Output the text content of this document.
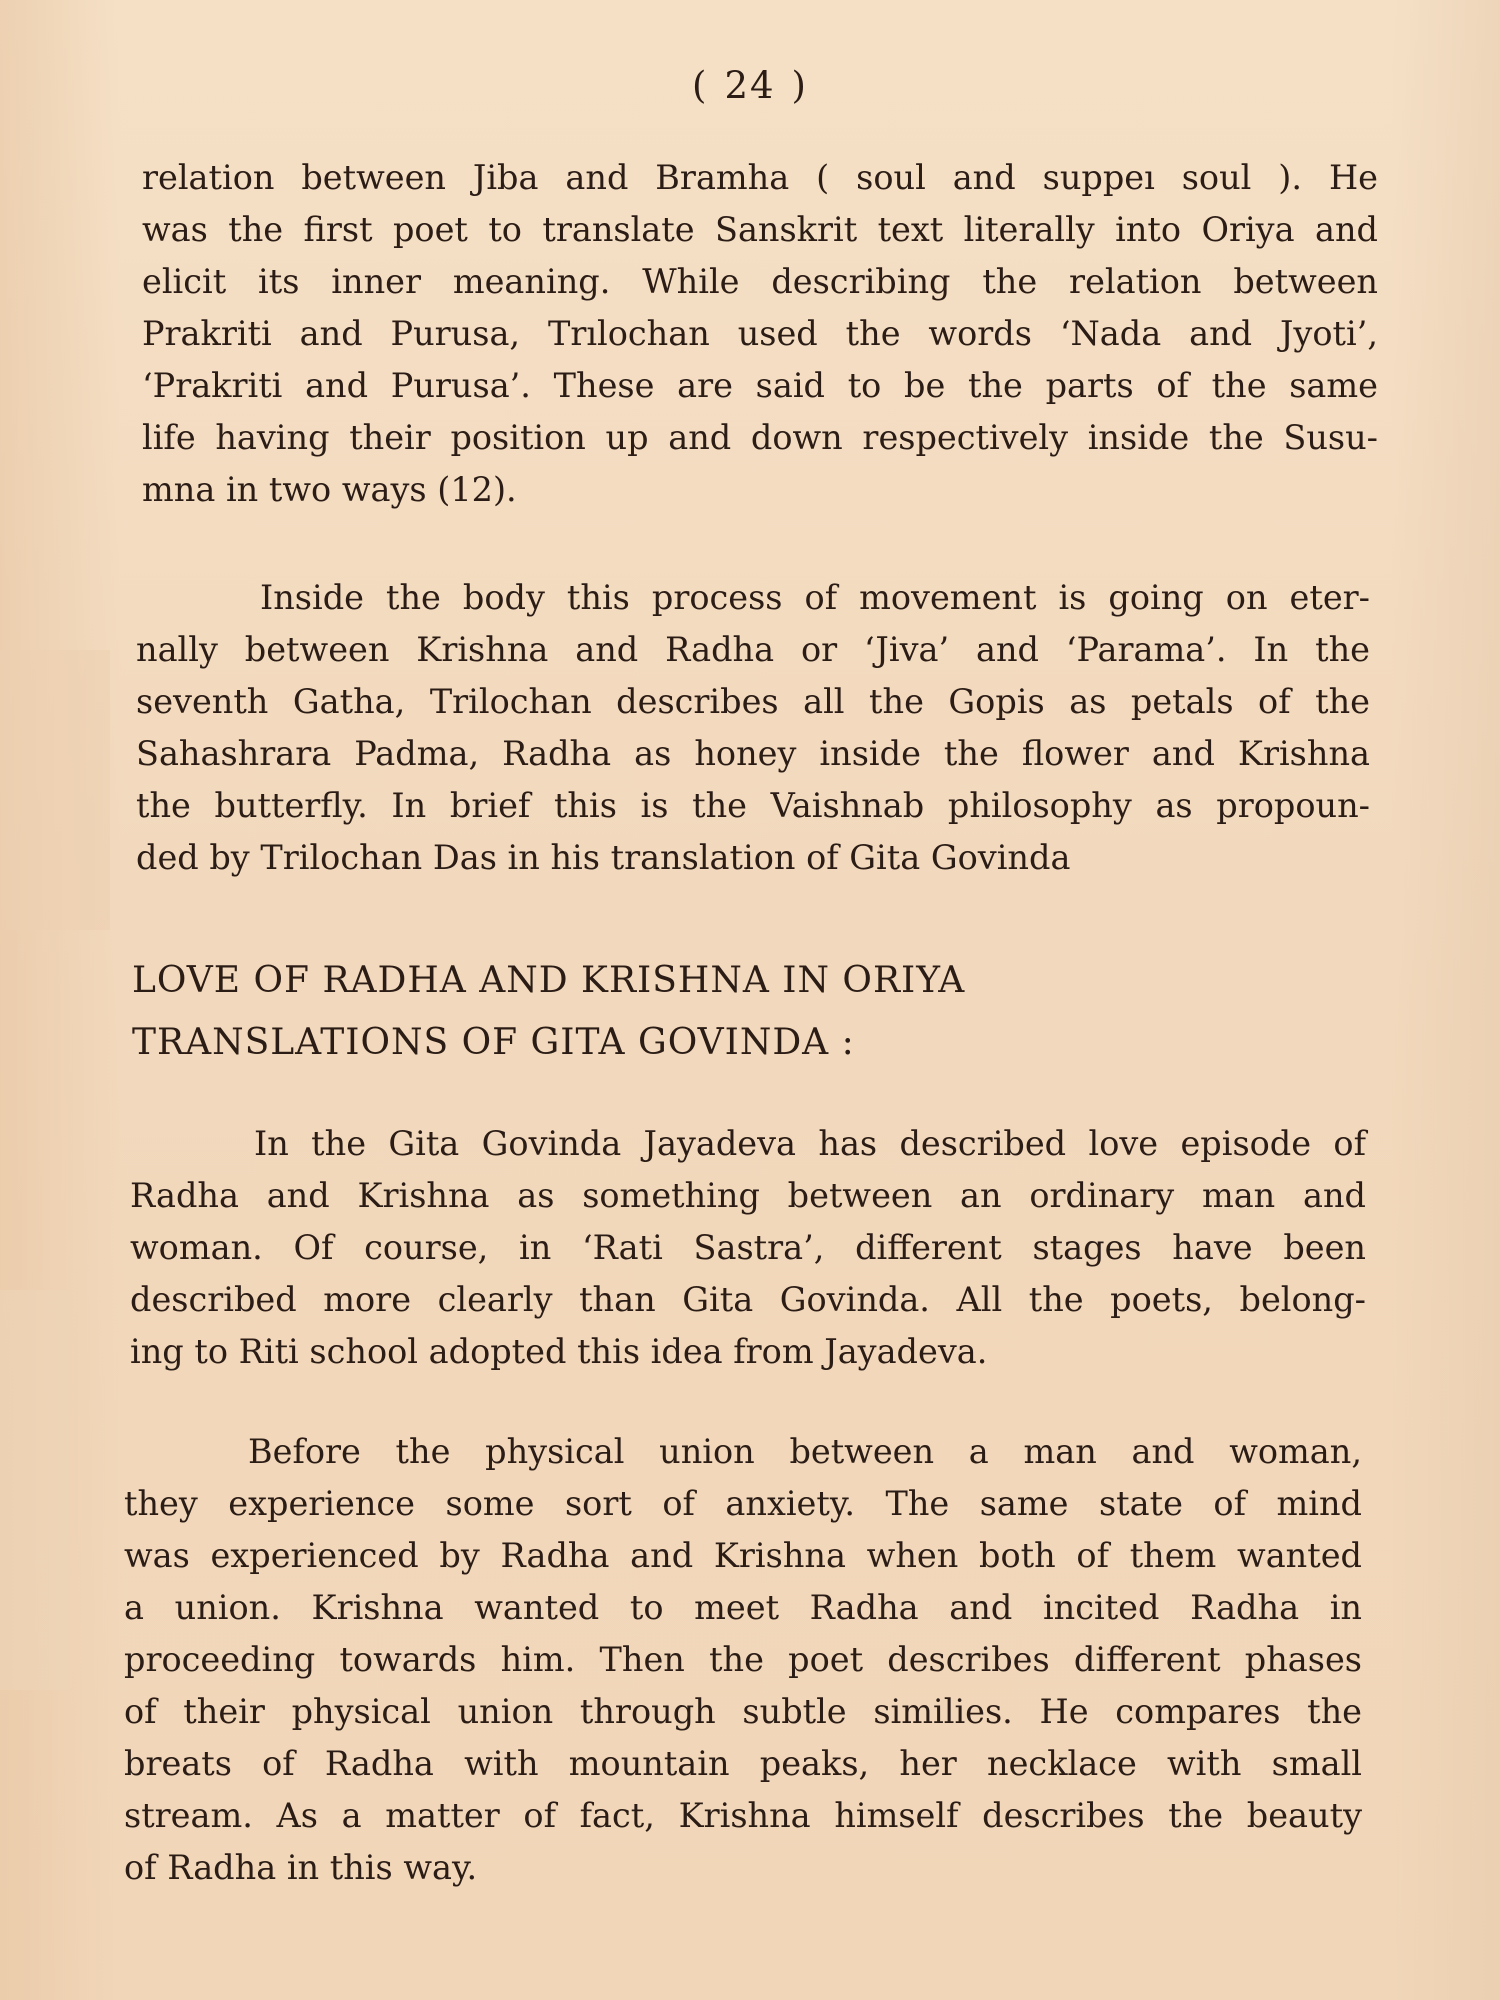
( 24 )
relation between Jiba and Bramha ( soul and suppeı soul ). He
was the first poet to translate Sanskrit text literally into Oriya and
elicit its inner meaning. While describing the relation between
Prakriti and Purusa, Trılochan used the words ‘Nada and Jyoti’,
‘Prakriti and Purusa’. These are said to be the parts of the same
life having their position up and down respectively inside the Susu-
mna in two ways (12).
Inside the body this process of movement is going on eter-
nally between Krishna and Radha or ‘Jiva’ and ‘Parama’. In the
seventh Gatha, Trilochan describes all the Gopis as petals of the
Sahashrara Padma, Radha as honey inside the flower and Krishna
the butterfly. In brief this is the Vaishnab philosophy as propoun-
ded by Trilochan Das in his translation of Gita Govinda
LOVE OF RADHA AND KRISHNA IN ORIYA
TRANSLATIONS OF GITA GOVINDA :
In the Gita Govinda Jayadeva has described love episode of
Radha and Krishna as something between an ordinary man and
woman. Of course, in ‘Rati Sastra’, different stages have been
described more clearly than Gita Govinda. All the poets, belong-
ing to Riti school adopted this idea from Jayadeva.
Before the physical union between a man and woman,
they experience some sort of anxiety. The same state of mind
was experienced by Radha and Krishna when both of them wanted
a union. Krishna wanted to meet Radha and incited Radha in
proceeding towards him. Then the poet describes different phases
of their physical union through subtle similies. He compares the
breats of Radha with mountain peaks, her necklace with small
stream. As a matter of fact, Krishna himself describes the beauty
of Radha in this way.
